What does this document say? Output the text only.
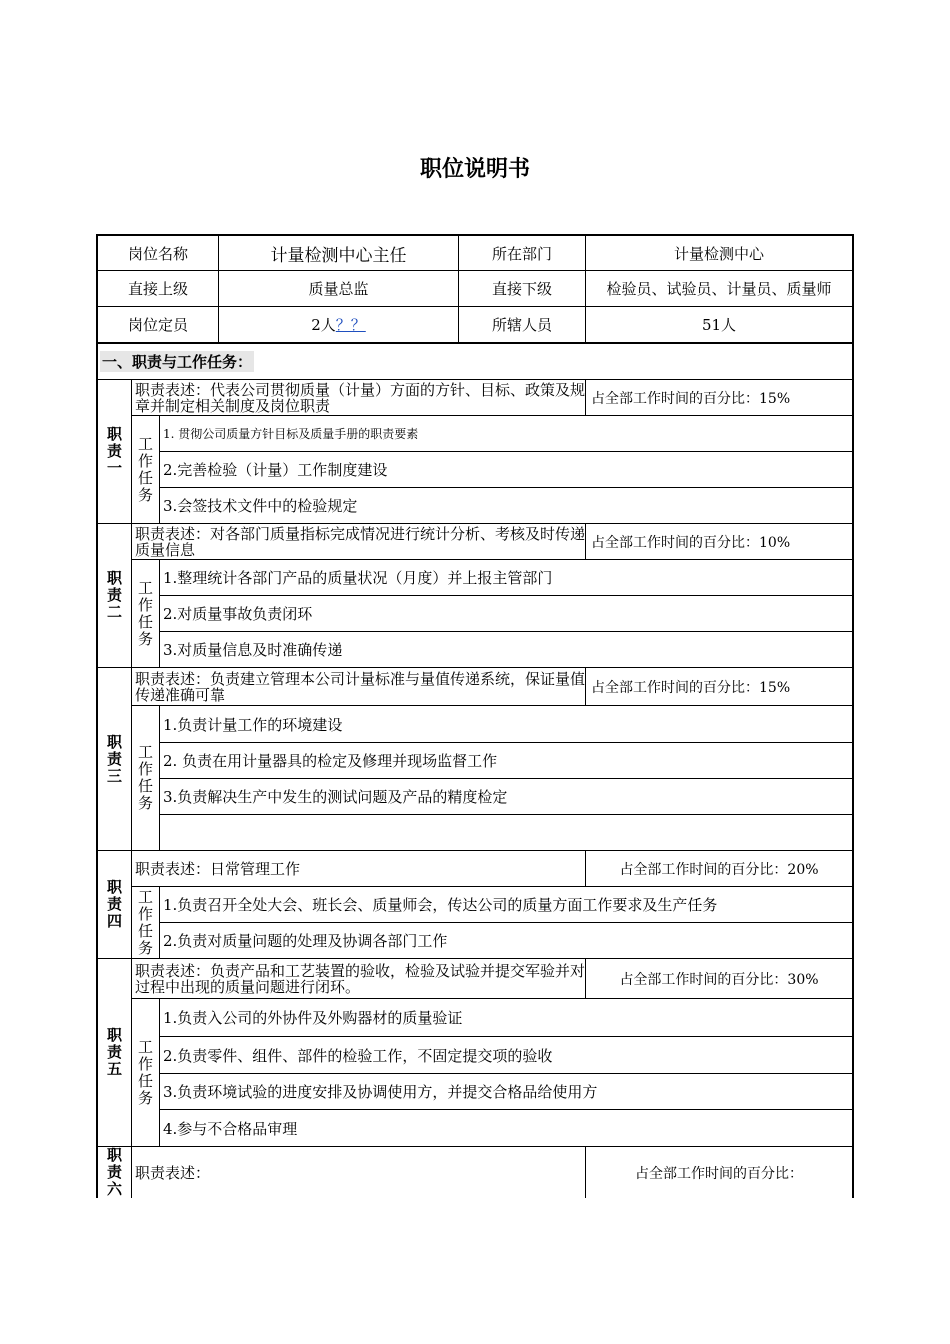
职位说明书
岗位名称	计量检测中心主任	所在部门	计量检测中心
直接上级	质量总监	直接下级	检验员、试验员、计量员、质量师
岗位定员	2人 ？？	所辖人员	51人
一、职责与工作任务：
职责一
职责表述：代表公司贯彻质量（计量）方面的方针、目标、政策及规章并制定相关制度及岗位职责	占全部工作时间的百分比：15%
工作任务
1. 贯彻公司质量方针目标及质量手册的职责要素
2.完善检验（计量）工作制度建设
3.会签技术文件中的检验规定
职责二
职责表述：对各部门质量指标完成情况进行统计分析、考核及时传递质量信息	占全部工作时间的百分比：10%
工作任务
1.整理统计各部门产品的质量状况（月度）并上报主管部门
2.对质量事故负责闭环
3.对质量信息及时准确传递
职责三
职责表述：负责建立管理本公司计量标准与量值传递系统，保证量值传递准确可靠	占全部工作时间的百分比：15%
工作任务
1.负责计量工作的环境建设
2. 负责在用计量器具的检定及修理并现场监督工作
3.负责解决生产中发生的测试问题及产品的精度检定
职责四
职责表述：日常管理工作	占全部工作时间的百分比：20%
工作任务
1.负责召开全处大会、班长会、质量师会，传达公司的质量方面工作要求及生产任务
2.负责对质量问题的处理及协调各部门工作
职责五
职责表述：负责产品和工艺装置的验收，检验及试验并提交军验并对过程中出现的质量问题进行闭环。	占全部工作时间的百分比：30%
工作任务
1.负责入公司的外协件及外购器材的质量验证
2.负责零件、组件、部件的检验工作，不固定提交项的验收
3.负责环境试验的进度安排及协调使用方，并提交合格品给使用方
4.参与不合格品审理
职责六
职责表述：	占全部工作时间的百分比：
